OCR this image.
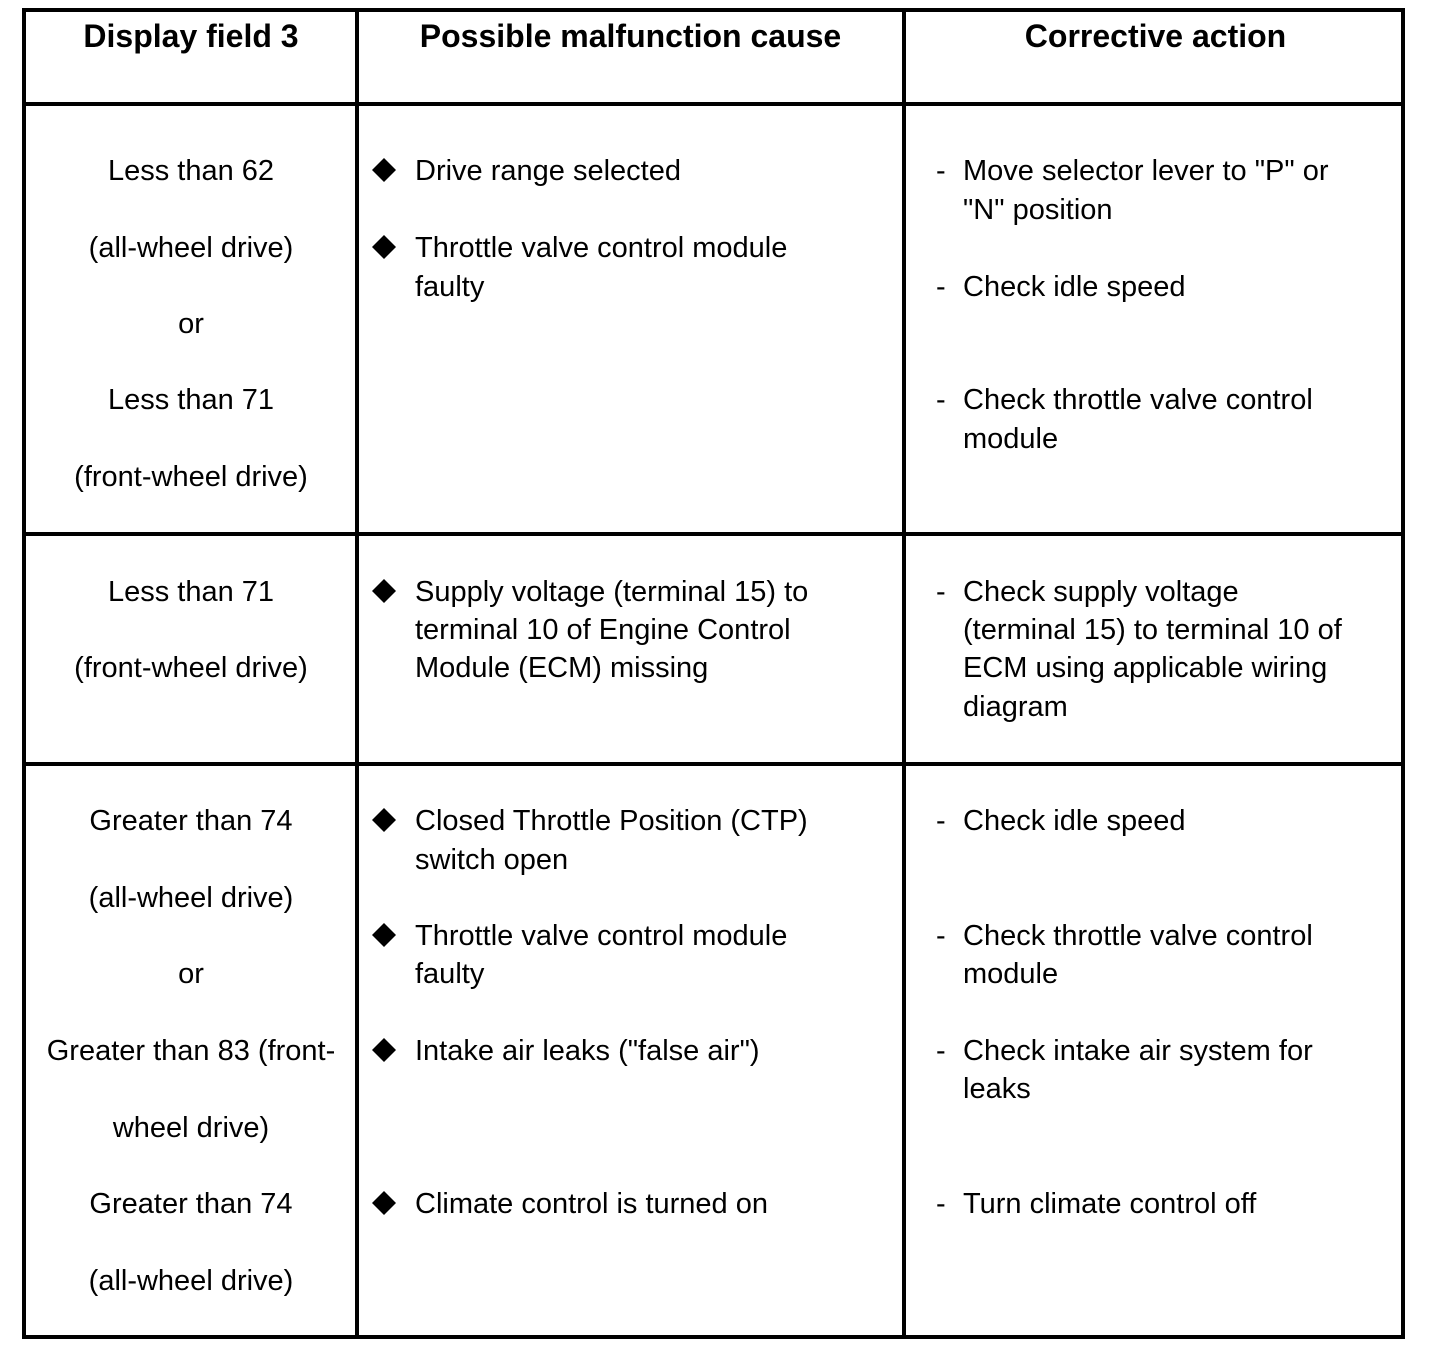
Display field 3	Possible malfunction cause	Corrective action
Less than 62
(all-wheel drive)
or
Less than 71
(front-wheel drive)
Drive range selected
Throttle valve control module
faulty
- Move selector lever to "P" or
"N" position
- Check idle speed
- Check throttle valve control
module
Less than 71
(front-wheel drive)
Supply voltage (terminal 15) to
terminal 10 of Engine Control
Module (ECM) missing
- Check supply voltage
(terminal 15) to terminal 10 of
ECM using applicable wiring
diagram
Greater than 74
(all-wheel drive)
or
Greater than 83 (front-
wheel drive)
Greater than 74
(all-wheel drive)
Closed Throttle Position (CTP)
switch open
Throttle valve control module
faulty
Intake air leaks ("false air")
Climate control is turned on
- Check idle speed
- Check throttle valve control
module
- Check intake air system for
leaks
- Turn climate control off
